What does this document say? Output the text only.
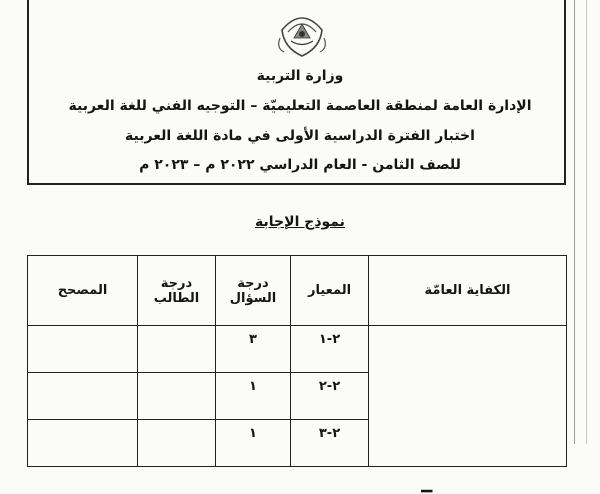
وزارة التربية
الإدارة العامة لمنطقة العاصمة التعليميّة – التوجيه الفني للغة العربية
اختبار الفترة الدراسية الأولى في مادة اللغة العربية
للصف الثامن - العام الدراسي ٢٠٢٢ م – ٢٠٢٣ م
نموذج الإجابة
الكفاية العامّة	المعيار	درجة السؤال	درجة الطالب	المصحح

ا	٢-١	٣		
	٢-٢	١		
	٢-٣	١		
